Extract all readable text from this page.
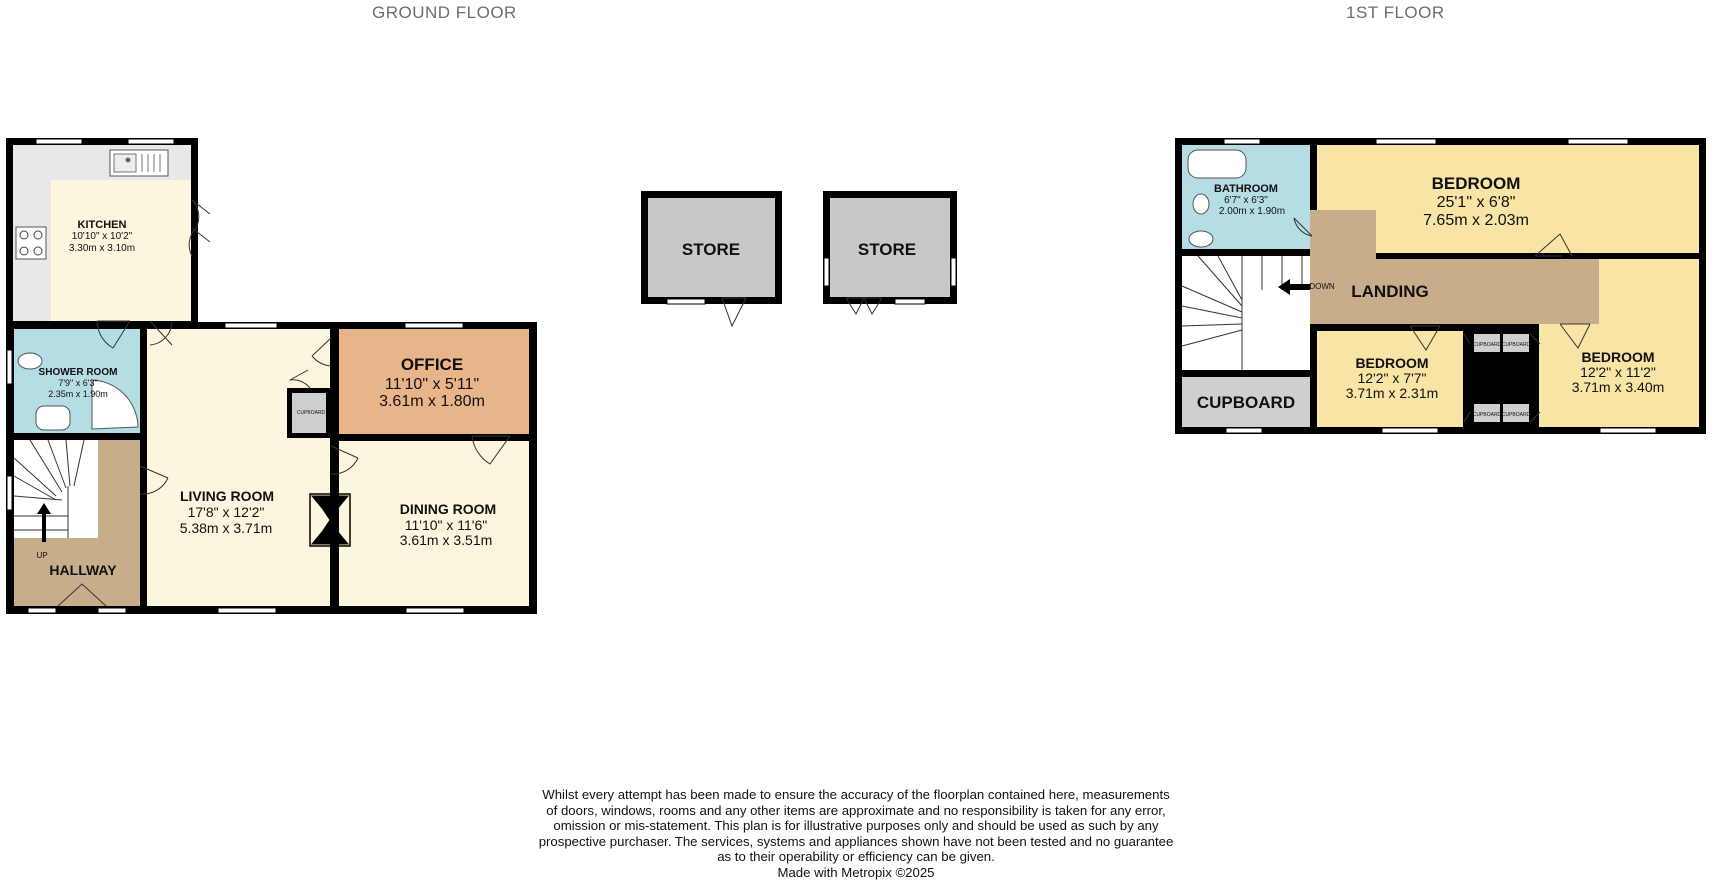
GROUND FLOOR	1ST FLOOR
KITCHEN
10'10" x 10'2"
3.30m x 3.10m
SHOWER ROOM
7'9" x 6'3"
2.35m x 1.90m
LIVING ROOM
17'8" x 12'2"
5.38m x 3.71m
OFFICE
11'10" x 5'11"
3.61m x 1.80m
DINING ROOM
11'10" x 11'6"
3.61m x 3.51m
HALLWAY
UP
CUPBOARD
STORE	STORE
BATHROOM
6'7" x 6'3"
2.00m x 1.90m
BEDROOM
25'1" x 6'8"
7.65m x 2.03m
LANDING
DOWN
BEDROOM
12'2" x 7'7"
3.71m x 2.31m
BEDROOM
12'2" x 11'2"
3.71m x 3.40m
CUPBOARD
CUPBOARD CUPBOARD
CUPBOARD CUPBOARD

Whilst every attempt has been made to ensure the accuracy of the floorplan contained here, measurements

of doors, windows, rooms and any other items are approximate and no responsibility is taken for any error,

omission or mis-statement. This plan is for illustrative purposes only and should be used as such by any

prospective purchaser. The services, systems and appliances shown have not been tested and no guarantee

as to their operability or efficiency can be given.

Made with Metropix ©2025
